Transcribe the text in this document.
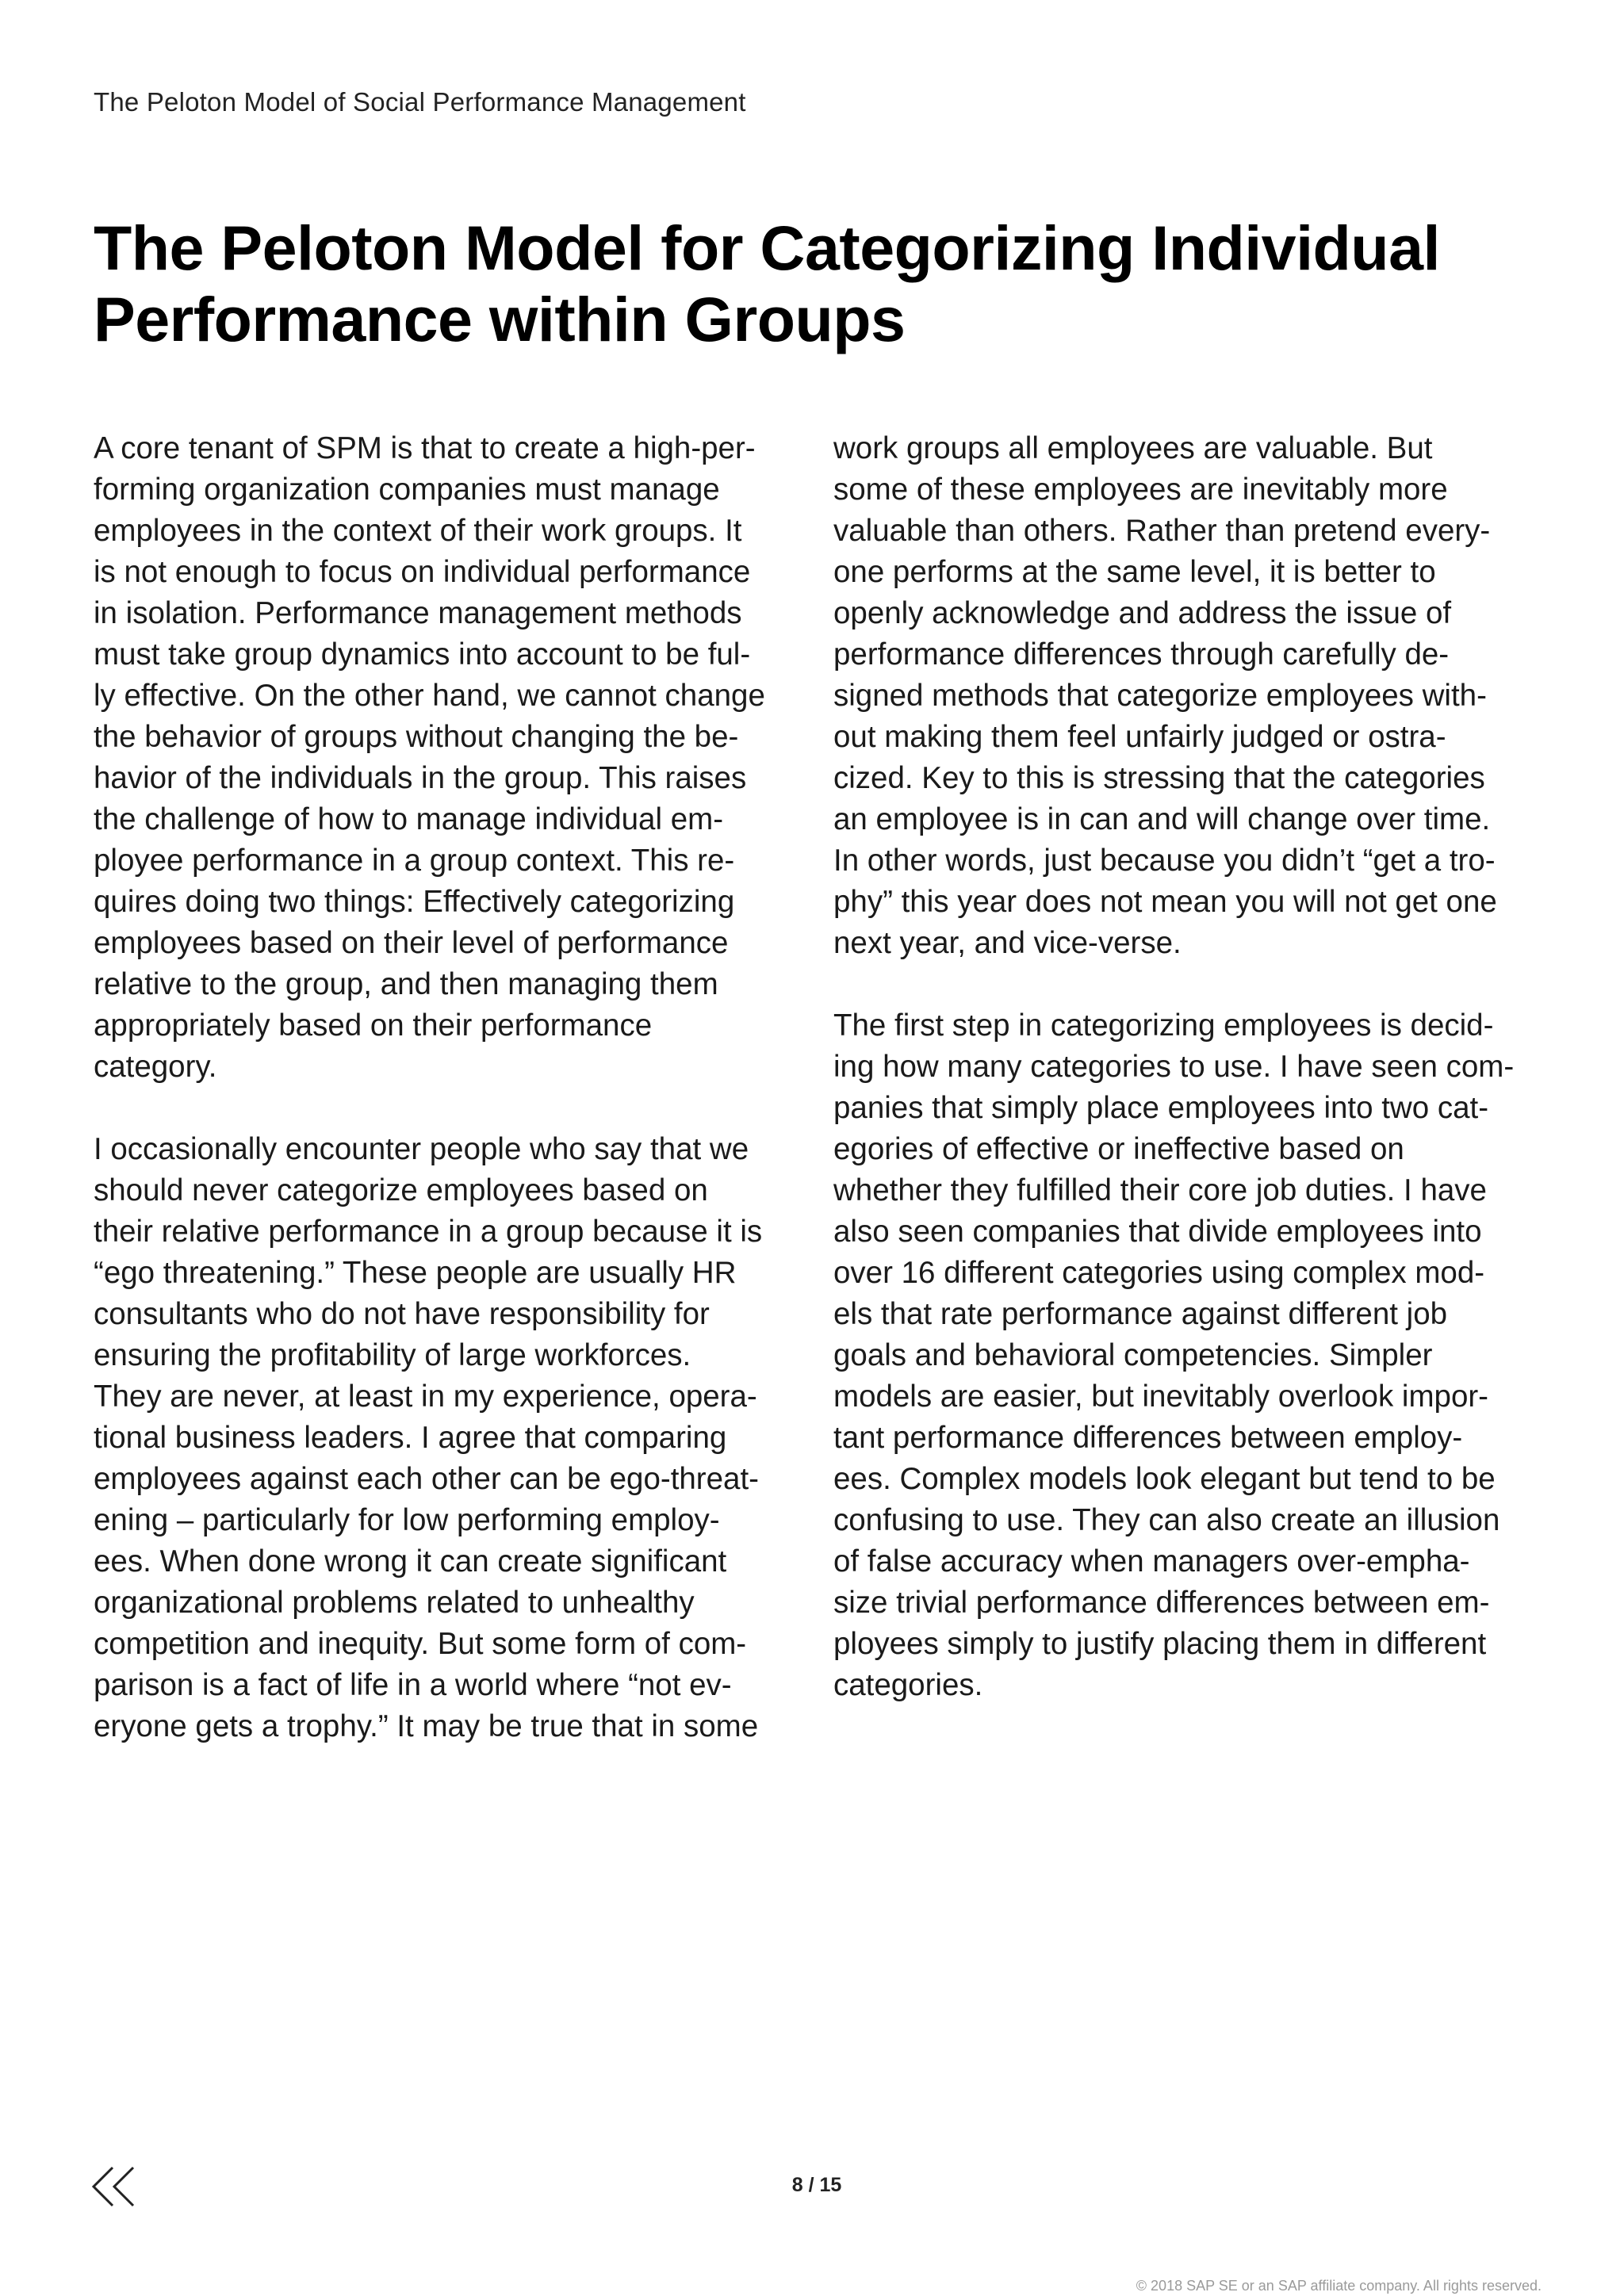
The Peloton Model of Social Performance Management
The Peloton Model for Categorizing Individual Performance within Groups

A core tenant of SPM is that to create a high-per-
forming organization companies must manage
employees in the context of their work groups. It
is not enough to focus on individual performance
in isolation. Performance management methods
must take group dynamics into account to be ful-
ly effective. On the other hand, we cannot change
the behavior of groups without changing the be-
havior of the individuals in the group. This raises
the challenge of how to manage individual em-
ployee performance in a group context. This re-
quires doing two things: Effectively categorizing
employees based on their level of performance
relative to the group, and then managing them
appropriately based on their performance
category.

I occasionally encounter people who say that we
should never categorize employees based on
their relative performance in a group because it is
“ego threatening.” These people are usually HR
consultants who do not have responsibility for
ensuring the profitability of large workforces.
They are never, at least in my experience, opera-
tional business leaders. I agree that comparing
employees against each other can be ego-threat-
ening – particularly for low performing employ-
ees. When done wrong it can create significant
organizational problems related to unhealthy
competition and inequity. But some form of com-
parison is a fact of life in a world where “not ev-
eryone gets a trophy.” It may be true that in some

work groups all employees are valuable. But
some of these employees are inevitably more
valuable than others. Rather than pretend every-
one performs at the same level, it is better to
openly acknowledge and address the issue of
performance differences through carefully de-
signed methods that categorize employees with-
out making them feel unfairly judged or ostra-
cized. Key to this is stressing that the categories
an employee is in can and will change over time.
In other words, just because you didn’t “get a tro-
phy” this year does not mean you will not get one
next year, and vice-verse.

The first step in categorizing employees is decid-
ing how many categories to use. I have seen com-
panies that simply place employees into two cat-
egories of effective or ineffective based on
whether they fulfilled their core job duties. I have
also seen companies that divide employees into
over 16 different categories using complex mod-
els that rate performance against different job
goals and behavioral competencies. Simpler
models are easier, but inevitably overlook impor-
tant performance differences between employ-
ees. Complex models look elegant but tend to be
confusing to use. They can also create an illusion
of false accuracy when managers over-empha-
size trivial performance differences between em-
ployees simply to justify placing them in different
categories.

8 / 15
© 2018 SAP SE or an SAP affiliate company. All rights reserved.
